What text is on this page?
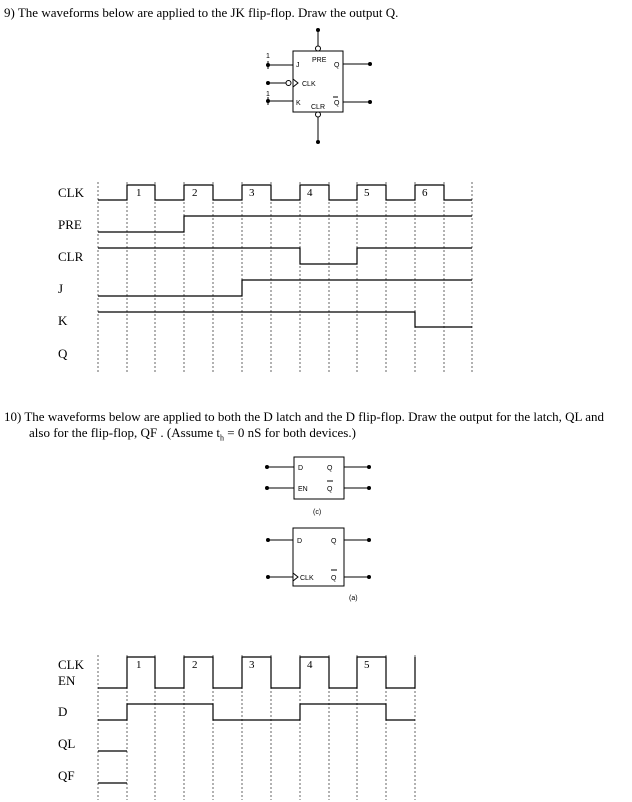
9) The waveforms below are applied to the JK flip-flop. Draw the output Q.
10) The waveforms below are applied to both the D latch and the D flip-flop. Draw the output for the latch, QL and
also for the flip-flop, QF . (Assume $t_h = 0$ nS for both devices.)
PRE
CLK
CLR
J
K
Q
Q
1
1
CLK
PRE
CLR
J
K
Q
1	2	3	4	5	6
D
EN
Q
Q
(c)
D
CLK
Q
Q
(a)
CLK
EN
D
QL
QF
1	2	3	4	5
